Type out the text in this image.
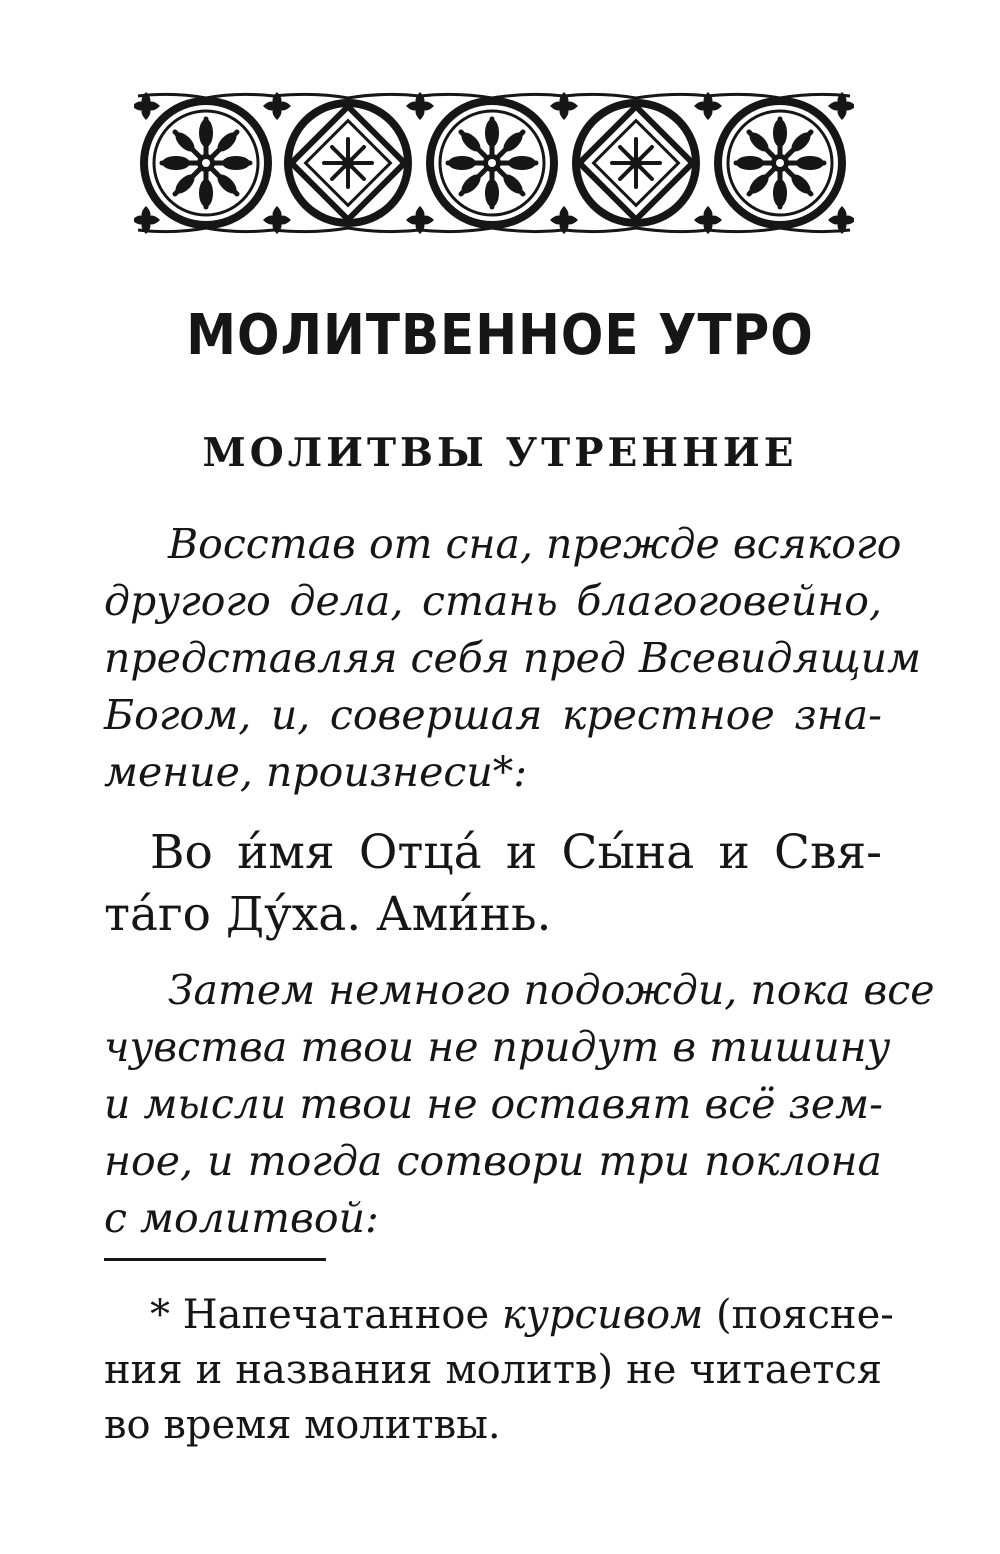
МОЛИТВЕННОЕ УТРО
МОЛИТВЫ УТРЕННИЕ

Восстав от сна, прежде всякого
другого дела, стань благоговейно,
представляя себя пред Всевидящим
Богом, и, совершая крестное зна-
мение, произнеси*:

Во и́мя Отца́ и Сы́на и Свя-
та́го Ду́ха. Ами́нь.

Затем немного подожди, пока все
чувства твои не придут в тишину
и мысли твои не оставят всё зем-
ное, и тогда сотвори три поклона
с молитвой:

* Напечатанное курсивом (поясне-
ния и названия молитв) не читается
во время молитвы.
